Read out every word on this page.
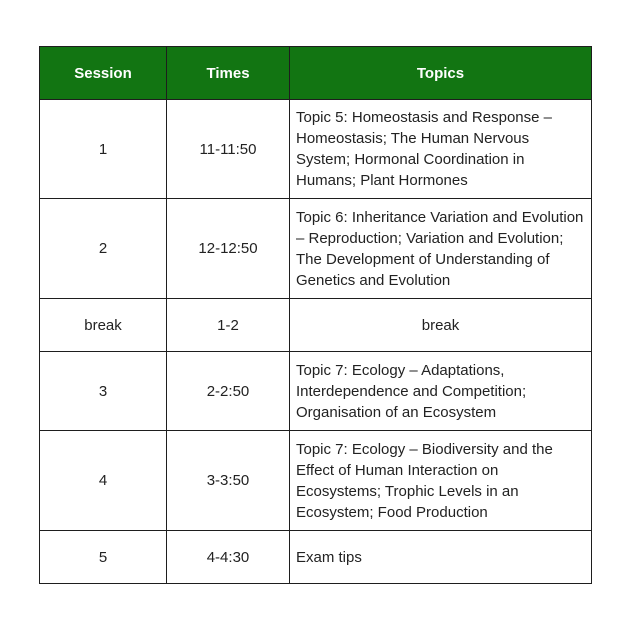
Session	Times	Topics
1	11-11:50	Topic 5: Homeostasis and Response – Homeostasis; The Human Nervous System; Hormonal Coordination in Humans; Plant Hormones
2	12-12:50	Topic 6: Inheritance Variation and Evolution – Reproduction; Variation and Evolution; The Development of Understanding of Genetics and Evolution
break	1-2	break
3	2-2:50	Topic 7: Ecology – Adaptations, Interdependence and Competition; Organisation of an Ecosystem
4	3-3:50	Topic 7: Ecology – Biodiversity and the Effect of Human Interaction on Ecosystems; Trophic Levels in an Ecosystem; Food Production
5	4-4:30	Exam tips
